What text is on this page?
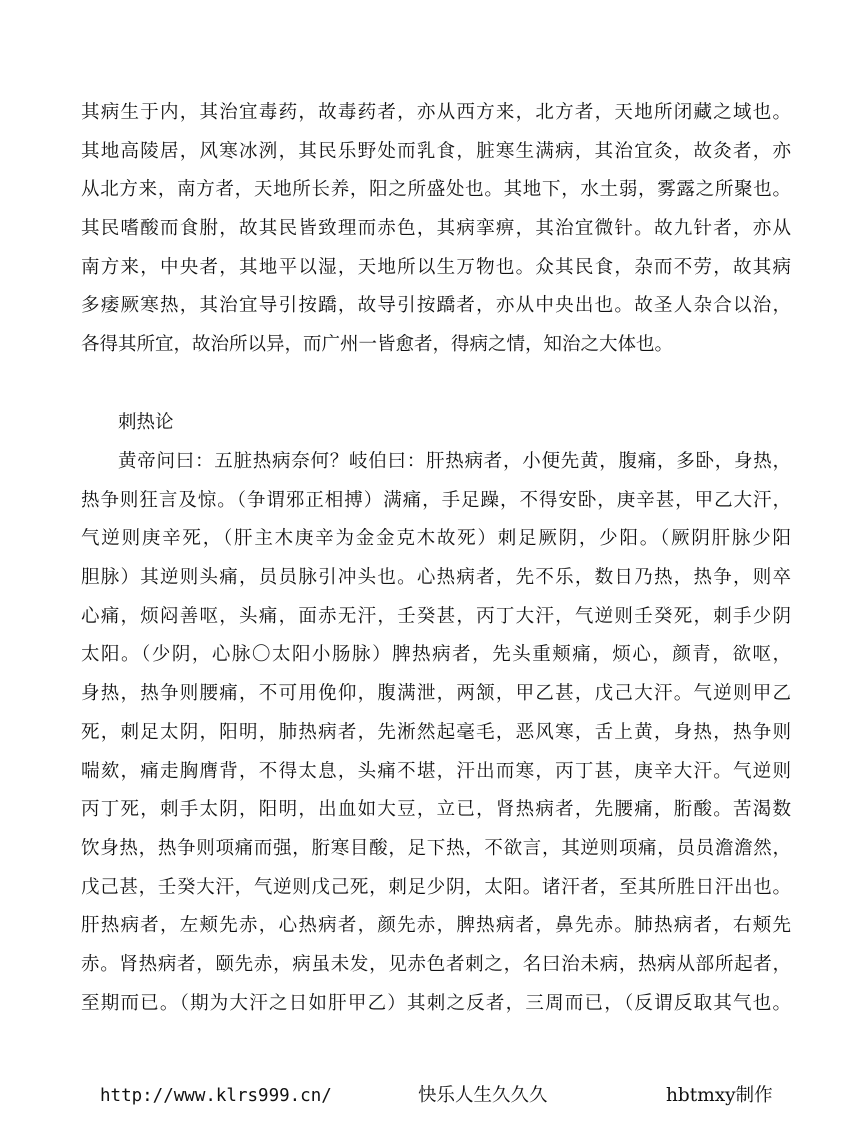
其病生于内，其治宜毒药，故毒药者，亦从西方来，北方者，天地所闭藏之域也。
其地高陵居，风寒冰洌，其民乐野处而乳食，脏寒生满病，其治宜灸，故灸者，亦
从北方来，南方者，天地所长养，阳之所盛处也。其地下，水土弱，雾露之所聚也。
其民嗜酸而食胕，故其民皆致理而赤色，其病挛痹，其治宜微针。故九针者，亦从
南方来，中央者，其地平以湿，天地所以生万物也。众其民食，杂而不劳，故其病
多痿厥寒热，其治宜导引按蹻，故导引按蹻者，亦从中央出也。故圣人杂合以治，
各得其所宜，故治所以异，而广州一皆愈者，得病之情，知治之大体也。
刺热论
黄帝问曰：五脏热病奈何？岐伯曰：肝热病者，小便先黄，腹痛，多卧，身热，
热争则狂言及惊。（争谓邪正相搏）满痛，手足躁，不得安卧，庚辛甚，甲乙大汗，
气逆则庚辛死，（肝主木庚辛为金金克木故死）刺足厥阴，少阳。（厥阴肝脉少阳
胆脉）其逆则头痛，员员脉引冲头也。心热病者，先不乐，数日乃热，热争，则卒
心痛，烦闷善呕，头痛，面赤无汗，壬癸甚，丙丁大汗，气逆则壬癸死，刺手少阴
太阳。（少阴，心脉〇太阳小肠脉）脾热病者，先头重颊痛，烦心，颜青，欲呕，
身热，热争则腰痛，不可用俛仰，腹满泄，两颔，甲乙甚，戊己大汗。气逆则甲乙
死，刺足太阴，阳明，肺热病者，先淅然起毫毛，恶风寒，舌上黄，身热，热争则
喘欬，痛走胸膺背，不得太息，头痛不堪，汗出而寒，丙丁甚，庚辛大汗。气逆则
丙丁死，刺手太阴，阳明，出血如大豆，立已，肾热病者，先腰痛，胻酸。苦渴数
饮身热，热争则项痛而强，胻寒目酸，足下热，不欲言，其逆则项痛，员员澹澹然，
戊己甚，壬癸大汗，气逆则戊己死，刺足少阴，太阳。诸汗者，至其所胜日汗出也。
肝热病者，左颊先赤，心热病者，颜先赤，脾热病者，鼻先赤。肺热病者，右颊先
赤。肾热病者，颐先赤，病虽未发，见赤色者刺之，名曰治未病，热病从部所起者，
至期而已。（期为大汗之日如肝甲乙）其刺之反者，三周而已，（反谓反取其气也。
http://www.klrs999.cn/	快乐人生久久久	hbtmxy制作
